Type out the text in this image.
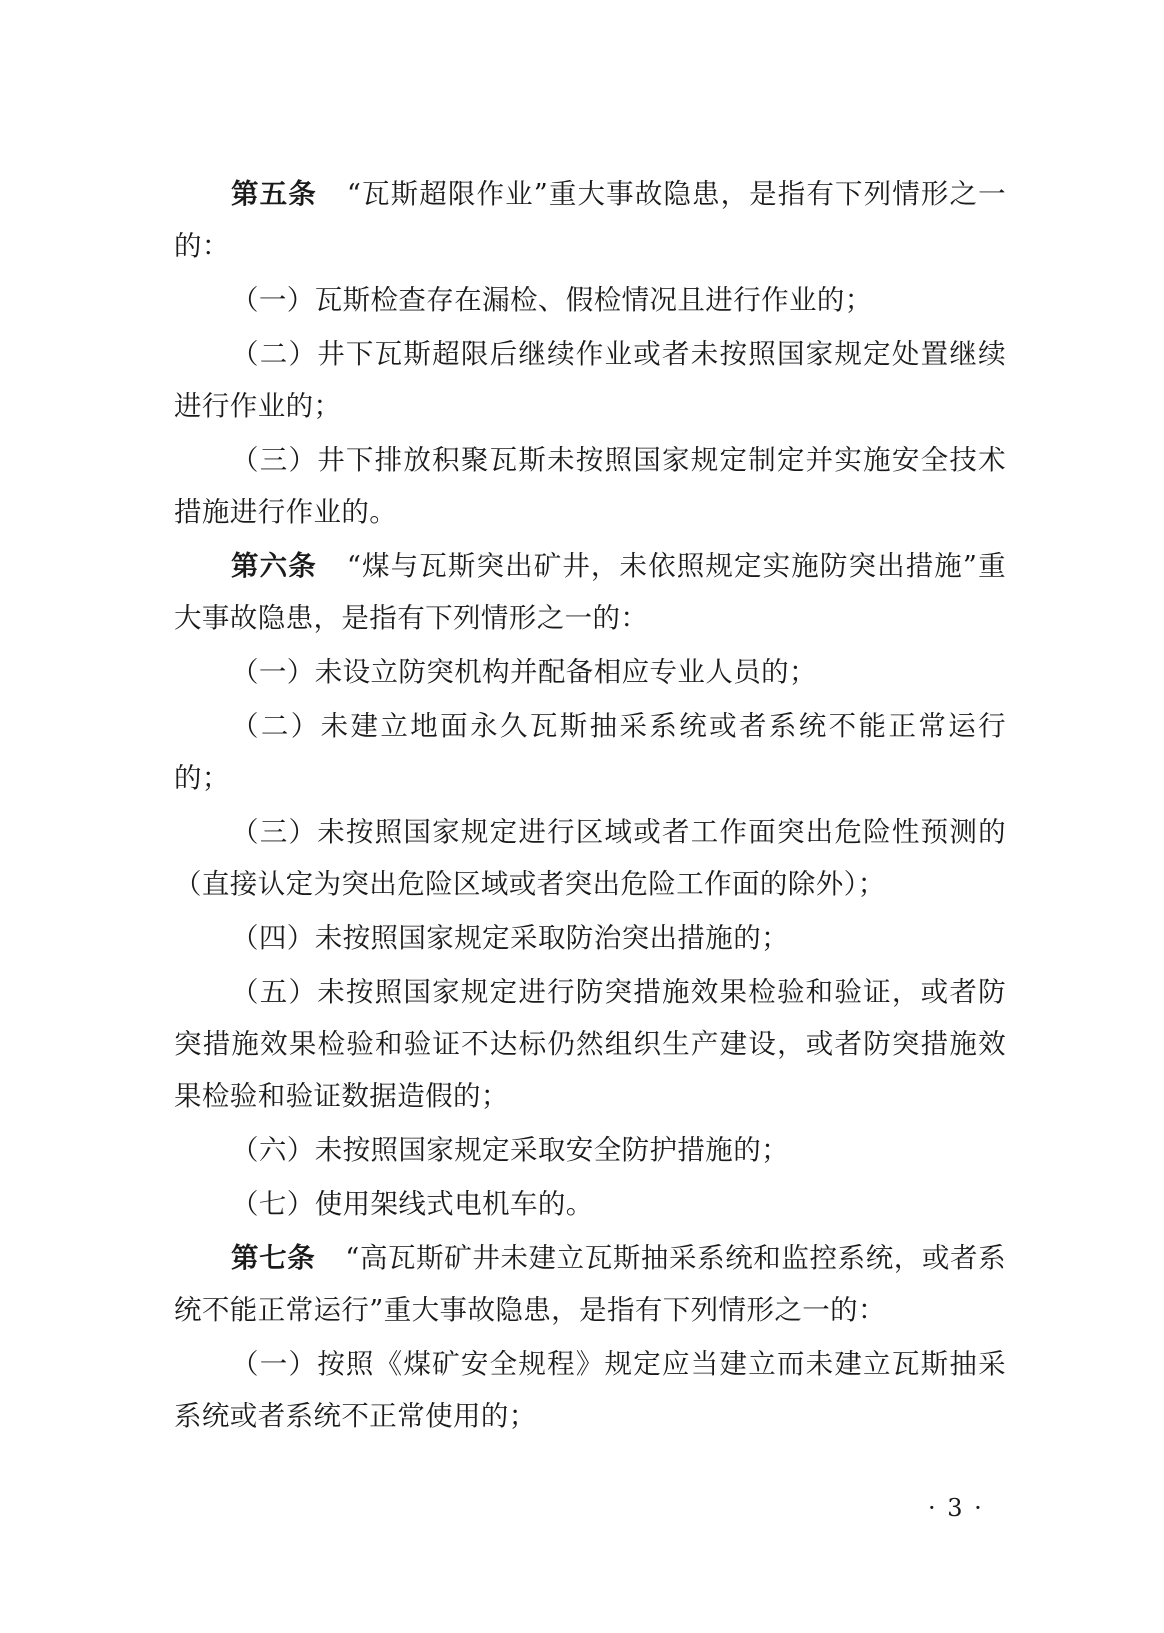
第五条 “瓦斯超限作业”重大事故隐患，是指有下列情形之一的：

（一）瓦斯检查存在漏检、假检情况且进行作业的；

（二）井下瓦斯超限后继续作业或者未按照国家规定处置继续进行作业的；

（三）井下排放积聚瓦斯未按照国家规定制定并实施安全技术措施进行作业的。

第六条 “煤与瓦斯突出矿井，未依照规定实施防突出措施”重大事故隐患，是指有下列情形之一的：

（一）未设立防突机构并配备相应专业人员的；

（二）未建立地面永久瓦斯抽采系统或者系统不能正常运行的；

（三）未按照国家规定进行区域或者工作面突出危险性预测的（直接认定为突出危险区域或者突出危险工作面的除外）；

（四）未按照国家规定采取防治突出措施的；

（五）未按照国家规定进行防突措施效果检验和验证，或者防突措施效果检验和验证不达标仍然组织生产建设，或者防突措施效果检验和验证数据造假的；

（六）未按照国家规定采取安全防护措施的；

（七）使用架线式电机车的。

第七条 “高瓦斯矿井未建立瓦斯抽采系统和监控系统，或者系统不能正常运行”重大事故隐患，是指有下列情形之一的：

（一）按照《煤矿安全规程》规定应当建立而未建立瓦斯抽采系统或者系统不正常使用的；

· 3 ·
